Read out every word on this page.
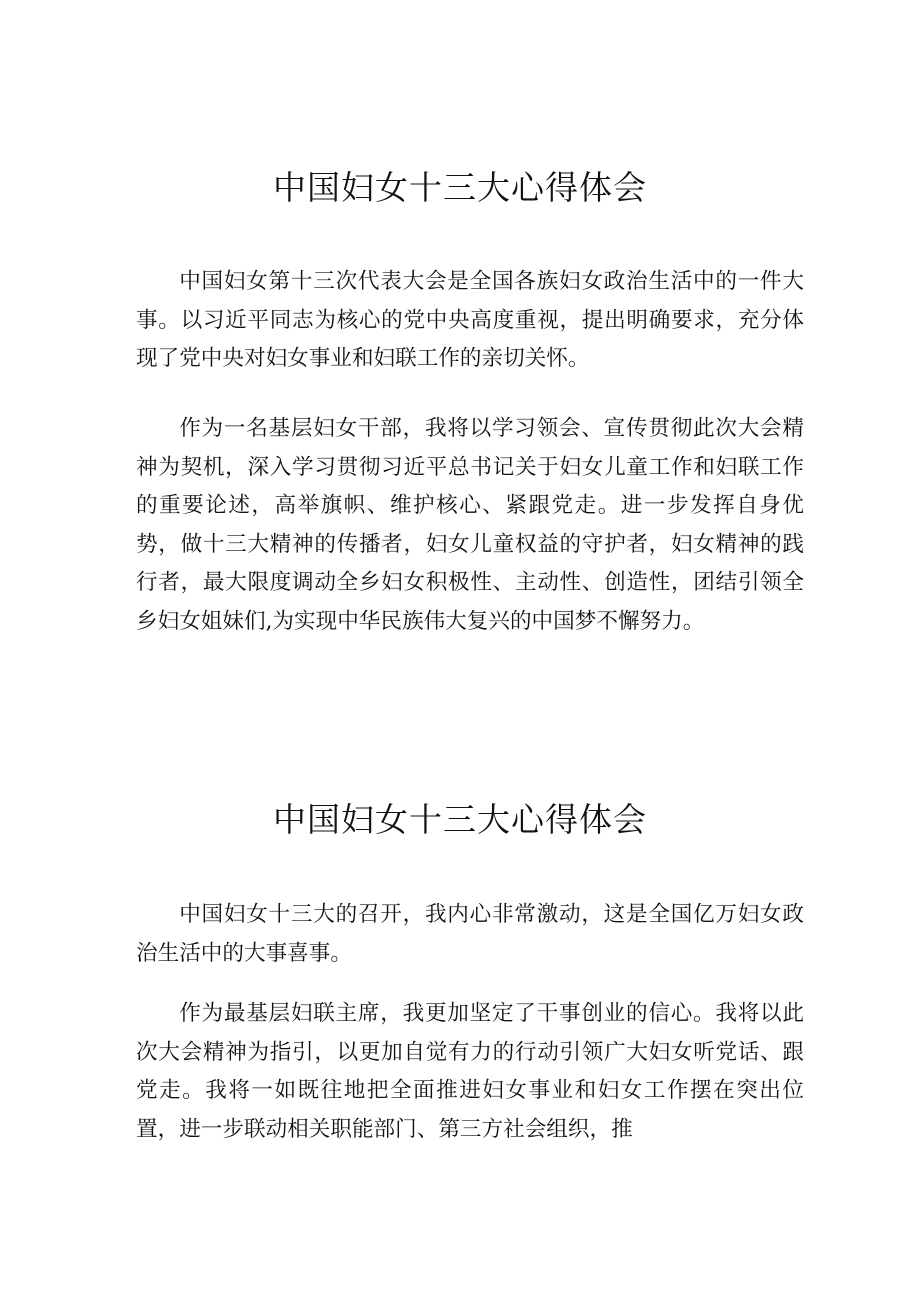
中国妇女十三大心得体会

中国妇女第十三次代表大会是全国各族妇女政治生活中的一件大事。以习近平同志为核心的党中央高度重视，提出明确要求，充分体现了党中央对妇女事业和妇联工作的亲切关怀。

作为一名基层妇女干部，我将以学习领会、宣传贯彻此次大会精神为契机，深入学习贯彻习近平总书记关于妇女儿童工作和妇联工作的重要论述，高举旗帜、维护核心、紧跟党走。进一步发挥自身优势，做十三大精神的传播者，妇女儿童权益的守护者，妇女精神的践行者，最大限度调动全乡妇女积极性、主动性、创造性，团结引领全乡妇女姐妹们,为实现中华民族伟大复兴的中国梦不懈努力。

中国妇女十三大心得体会

中国妇女十三大的召开，我内心非常激动，这是全国亿万妇女政治生活中的大事喜事。

作为最基层妇联主席，我更加坚定了干事创业的信心。我将以此次大会精神为指引，以更加自觉有力的行动引领广大妇女听党话、跟党走。我将一如既往地把全面推进妇女事业和妇女工作摆在突出位置，进一步联动相关职能部门、第三方社会组织，推
